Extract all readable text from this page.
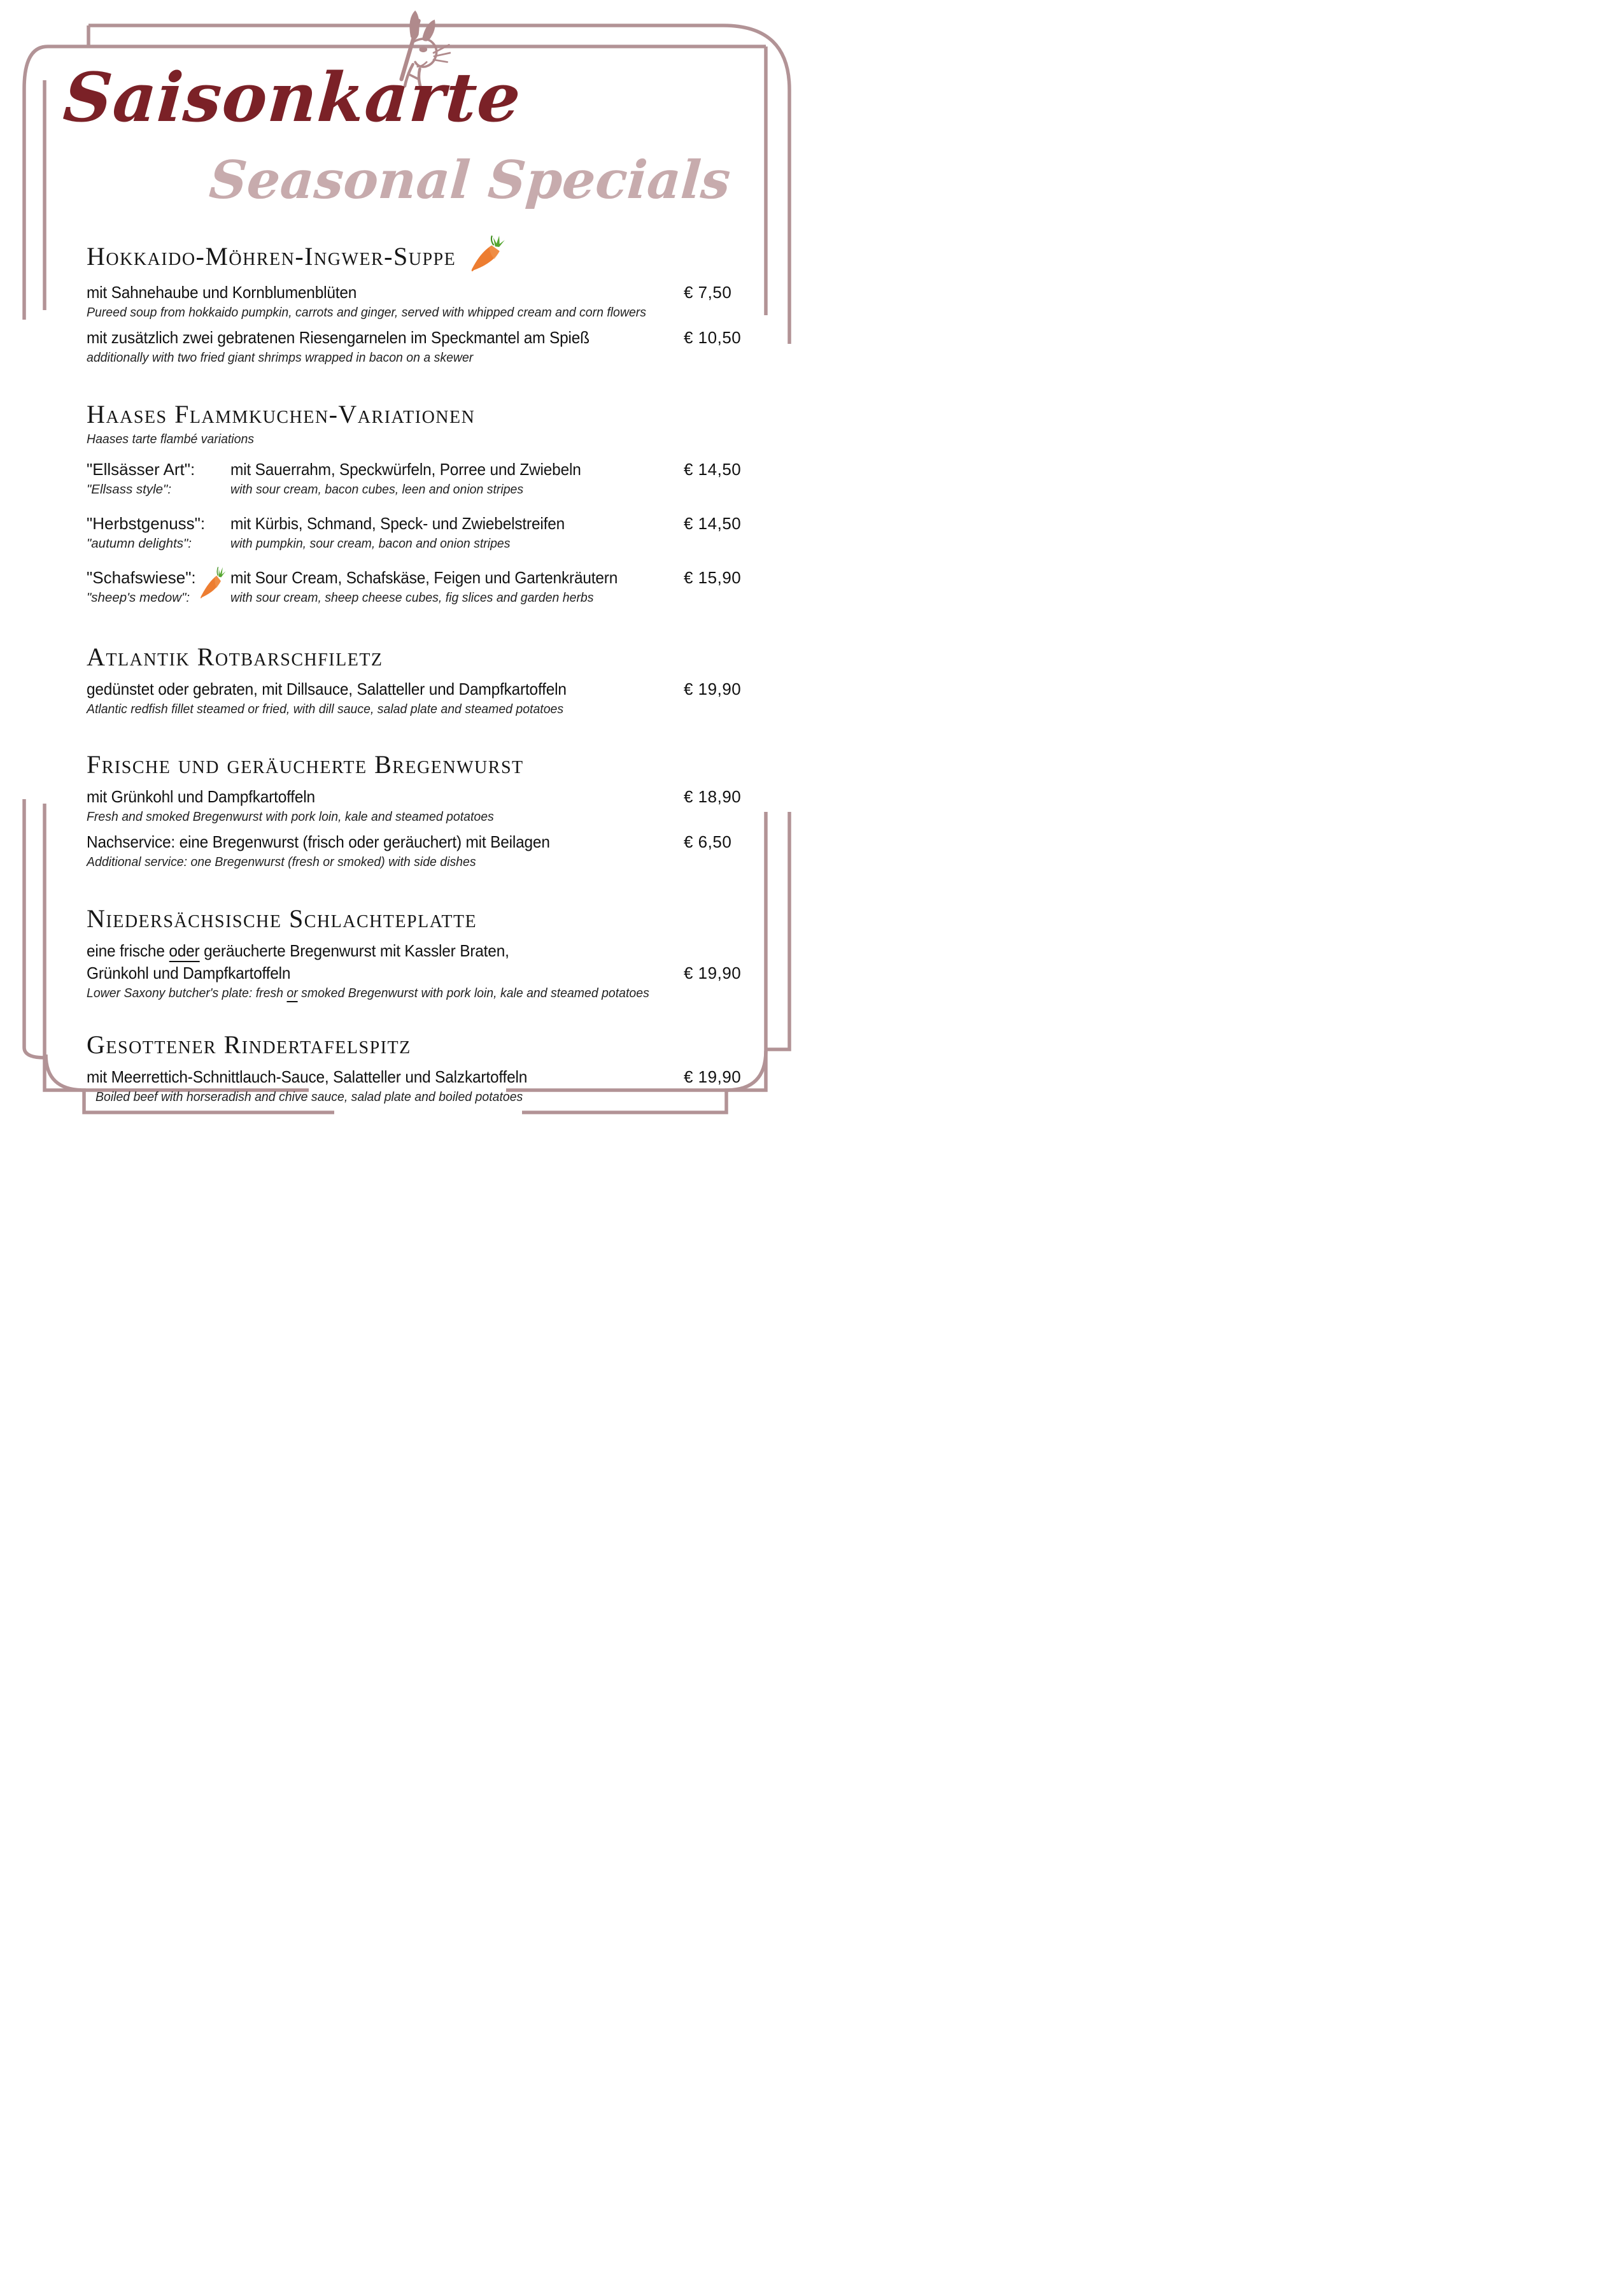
Saisonkarte
Seasonal Specials
Hokkaido-Möhren-Ingwer-Suppe
mit Sahnehaube und Kornblumenblüten	€ 7,50
Pureed soup from hokkaido pumpkin, carrots and ginger, served with whipped cream and corn flowers
mit zusätzlich zwei gebratenen Riesengarnelen im Speckmantel am Spieß	€ 10,50
additionally with two fried giant shrimps wrapped in bacon on a skewer
Haases Flammkuchen-Variationen
Haases tarte flambé variations
"Ellsässer Art":	mit Sauerrahm, Speckwürfeln, Porree und Zwiebeln	€ 14,50
"Ellsass style":	with sour cream, bacon cubes, leen and onion stripes
"Herbstgenuss":	mit Kürbis, Schmand, Speck- und Zwiebelstreifen	€ 14,50
"autumn delights":	with pumpkin, sour cream, bacon and onion stripes
"Schafswiese":	mit Sour Cream, Schafskäse, Feigen und Gartenkräutern	€ 15,90
"sheep's medow":	with sour cream, sheep cheese cubes, fig slices and garden herbs
Atlantik Rotbarschfiletz
gedünstet oder gebraten, mit Dillsauce, Salatteller und Dampfkartoffeln	€ 19,90
Atlantic redfish fillet steamed or fried, with dill sauce, salad plate and steamed potatoes
Frische und geräucherte Bregenwurst
mit Grünkohl und Dampfkartoffeln	€ 18,90
Fresh and smoked Bregenwurst with pork loin, kale and steamed potatoes
Nachservice: eine Bregenwurst (frisch oder geräuchert) mit Beilagen	€ 6,50
Additional service: one Bregenwurst (fresh or smoked) with side dishes
Niedersächsische Schlachteplatte
eine frische oder geräucherte Bregenwurst mit Kassler Braten,
Grünkohl und Dampfkartoffeln	€ 19,90
Lower Saxony butcher's plate: fresh or smoked Bregenwurst with pork loin, kale and steamed potatoes
Gesottener Rindertafelspitz
mit Meerrettich-Schnittlauch-Sauce, Salatteller und Salzkartoffeln	€ 19,90
Boiled beef with horseradish and chive sauce, salad plate and boiled potatoes
